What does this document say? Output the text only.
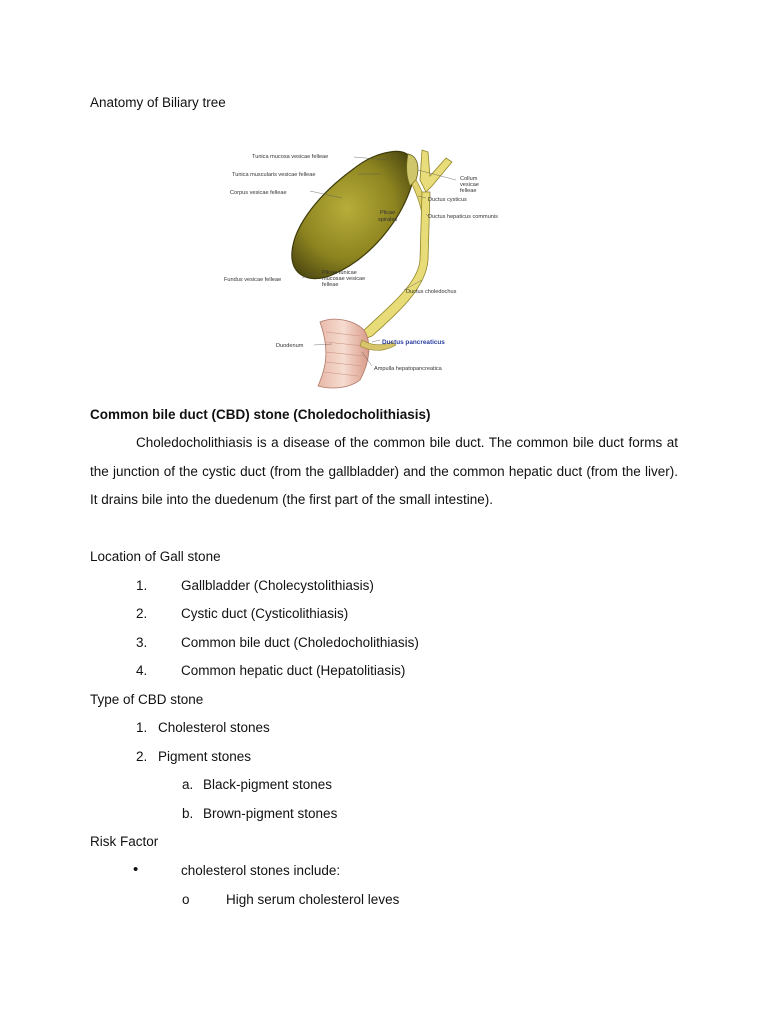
Anatomy of Biliary tree
Tunica mucosa vesicae felleae
Tunica muscularis vesicae felleae
Corpus vesicae felleae
Fundus vesicae felleae
Plicae tunicae
mucosae vesicae
felleae
Plicae
spirales
Collum
vesicae
felleae
Ductus cysticus
Ductus hepaticus communis
Ductus choledochus
Duodenum	Ductus pancreaticus
Ampulla hepatopancreatica
Common bile duct (CBD) stone (Choledocholithiasis)

Choledocholithiasis is a disease of the common bile duct. The common bile duct forms at the junction of the cystic duct (from the gallbladder) and the common hepatic duct (from the liver). It drains bile into the duedenum (the first part of the small intestine).

Location of Gall stone
1. Gallbladder (Cholecystolithiasis)
2. Cystic duct (Cysticolithiasis)
3. Common bile duct (Choledocholithiasis)
4. Common hepatic duct (Hepatolitiasis)
Type of CBD stone
1. Cholesterol stones
2. Pigment stones
a. Black-pigment stones
b. Brown-pigment stones
Risk Factor
•	cholesterol stones include:
o	High serum cholesterol leves
